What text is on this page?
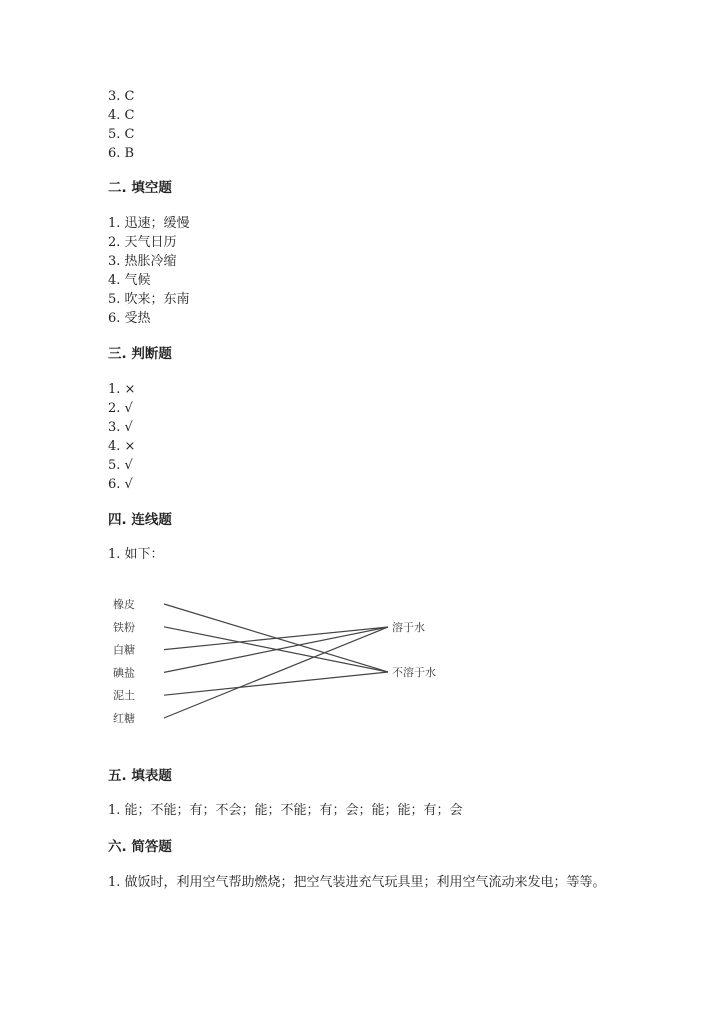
3. C
4. C
5. C
6. B
二. 填空题
1. 迅速；缓慢
2. 天气日历
3. 热胀冷缩
4. 气候
5. 吹来；东南
6. 受热
三. 判断题
1. ×
2. √
3. √
4. ×
5. √
6. √
四. 连线题
1. 如下：
橡皮
铁粉
白糖
碘盐
泥土
红糖
溶于水
不溶于水
五. 填表题
1. 能；不能；有；不会；能；不能；有；会；能；能；有；会
六. 简答题
1. 做饭时，利用空气帮助燃烧；把空气装进充气玩具里；利用空气流动来发电；等等。
